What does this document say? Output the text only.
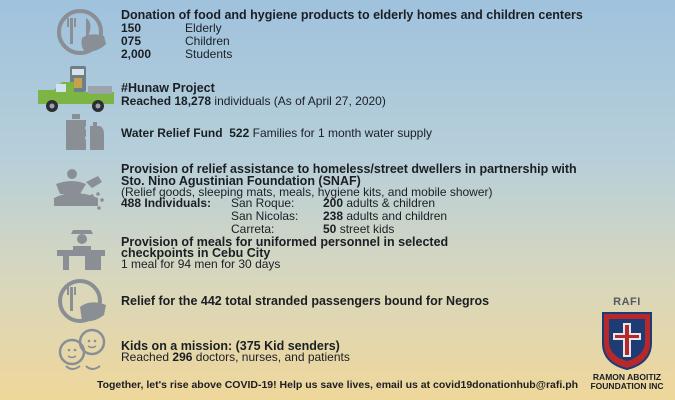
Donation of food and hygiene products to elderly homes and children centers
150	Elderly
075	Children
2,000	Students
#Hunaw Project
Reached 18,278 individuals (As of April 27, 2020)
Water Relief Fund 522 Families for 1 month water supply
Provision of relief assistance to homeless/street dwellers in partnership with
Sto. Nino Agustinian Foundation (SNAF)
(Relief goods, sleeping mats, meals, hygiene kits, and mobile shower)
488 Individuals:	San Roque:	200 adults & children
	San Nicolas:	238 adults and children
	Carreta:	50 street kids
Provision of meals for uniformed personnel in selected
checkpoints in Cebu City
1 meal for 94 men for 30 days
Relief for the 442 total stranded passengers bound for Negros
Kids on a mission: (375 Kid senders)
Reached 296 doctors, nurses, and patients
RAFI
RAMON ABOITIZ
FOUNDATION INC
Together, let's rise above COVID-19! Help us save lives, email us at covid19donationhub@rafi.ph
